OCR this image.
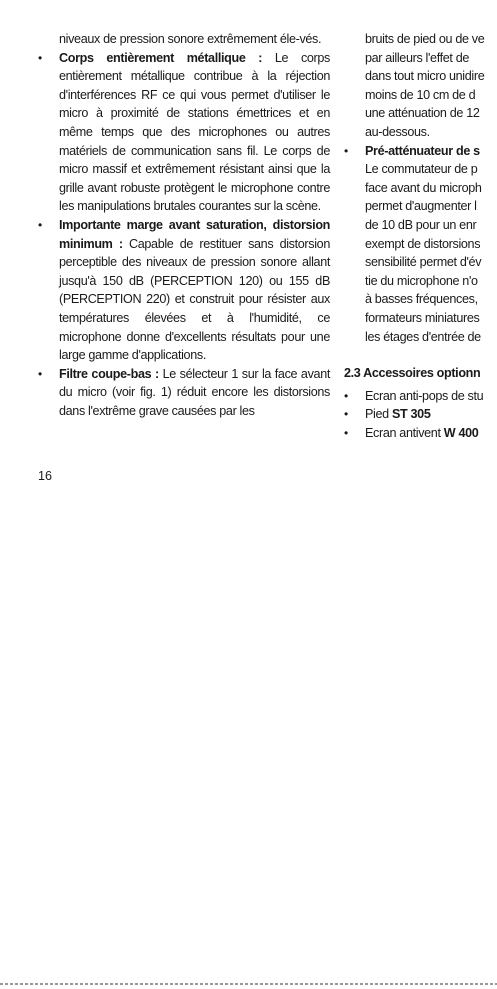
niveaux de pression sonore extrêmement éle-vés.

• Corps entièrement métallique : Le corps entièrement métallique contribue à la réjection d'interférences RF ce qui vous permet d'utiliser le micro à proximité de stations émettrices et en même temps que des microphones ou autres matériels de communication sans fil. Le corps de micro massif et extrêmement résistant ainsi que la grille avant robuste protègent le microphone contre les manipulations brutales courantes sur la scène.

• Importante marge avant saturation, distorsion minimum : Capable de restituer sans distorsion perceptible des niveaux de pression sonore allant jusqu'à 150 dB (PERCEPTION 120) ou 155 dB (PERCEPTION 220) et construit pour résister aux températures élevées et à l'humidité, ce microphone donne d'excellents résultats pour une large gamme d'applications.

• Filtre coupe-bas : Le sélecteur 1 sur la face avant du micro (voir fig. 1) réduit encore les distorsions dans l'extrême grave causées par les

bruits de pied ou de ve
par ailleurs l'effet de
dans tout micro unidire
moins de 10 cm de d
une atténuation de 12
au-dessous.
• Pré-atténuateur de s
Le commutateur de p
face avant du microph
permet d'augmenter l
de 10 dB pour un enr
exempt de distorsions
sensibilité permet d'év
tie du microphone n'o
à basses fréquences,
formateurs miniatures
les étages d'entrée de
2.3 Accessoires optionn
• Ecran anti-pops de stu
• Pied ST 305
• Ecran antivent W 400
16
